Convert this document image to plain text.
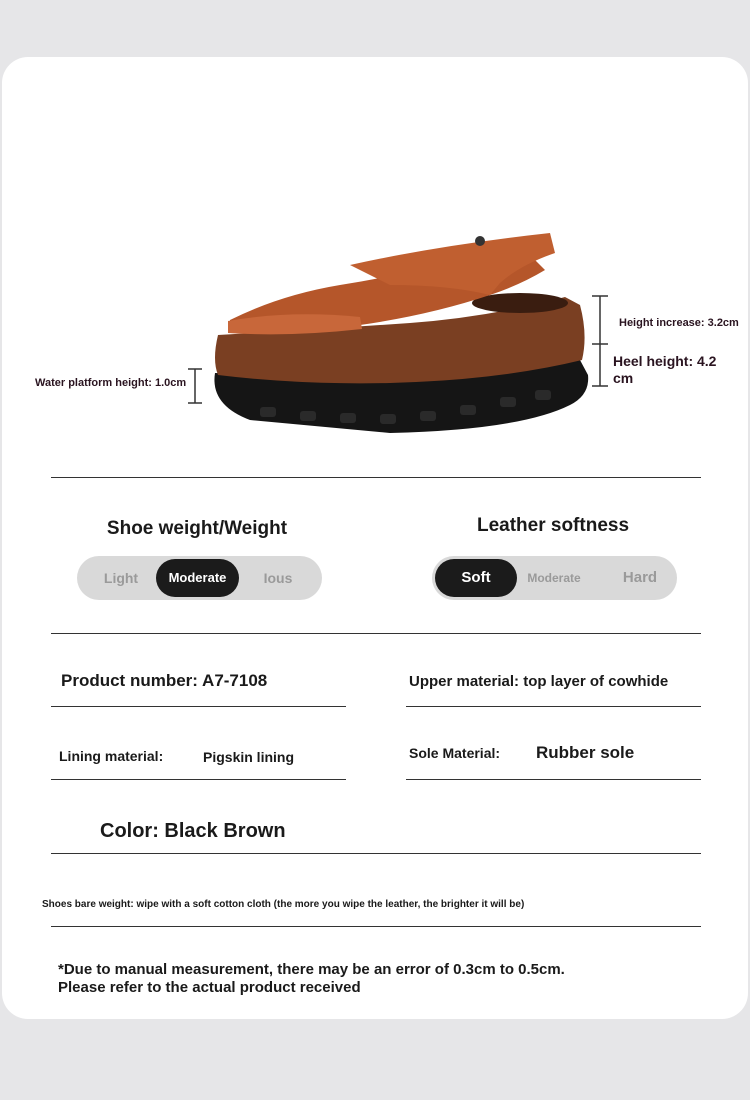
Water platform height: 1.0cm
Height increase: 3.2cm
Heel height: 4.2
cm
Shoe weight/Weight
Light	Moderate	Ious
Leather softness
Soft	Moderate	Hard
Product number: A7-7108	Upper material: top layer of cowhide
Lining material:	Pigskin lining	Sole Material: Rubber sole
Color: Black Brown
Shoes bare weight: wipe with a soft cotton cloth (the more you wipe the leather, the brighter it will be)
*Due to manual measurement, there may be an error of 0.3cm to 0.5cm.
Please refer to the actual product received
